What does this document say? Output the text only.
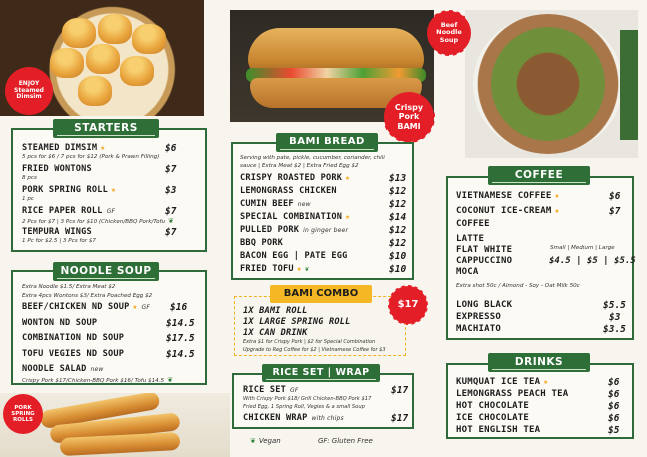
ENJOY
Steamed
Dimsim
Crispy
Pork
BAMI
Beef
Noodle
Soup
PORK
SPRING
ROLLS
STARTERS
STEAMED DIMSIM ★	$6
5 pcs for $6 / 7 pcs for $12 (Pork & Prawn Filling)
FRIED WONTONS	$7
8 pcs
PORK SPRING ROLL ★	$3
1 pc
RICE PAPER ROLL GF	$7
2 Pcs for $7 | 3 Pcs for $10 (Chicken/BBQ Pork/Tofu ❦
TEMPURA WINGS	$7
1 Pc for $2.5 | 3 Pcs for $7
NOODLE SOUP
Extra Noodle $1.5/ Extra Meat $2
Extra 4pcs Wontons $3/ Extra Poached Egg $2
BEEF/CHICKEN ND SOUP ★ GF $16
WONTON ND SOUP	$14.5
COMBINATION ND SOUP	$17.5
TOFU VEGIES ND SOUP	$14.5
NOODLE SALAD new
Crispy Pork $17/Chicken-BBQ Pork $16/ Tofu $14.5 ❦
BAMI BREAD
Serving with pate, pickle, cucumber, coriander, chili
sauce | Extra Meat $2 | Extra Fried Egg $2
CRISPY ROASTED PORK ★	$13
LEMONGRASS CHICKEN	$12
CUMIN BEEF new	$12
SPECIAL COMBINATION ★	$14
PULLED PORK in ginger beer	$12
BBQ PORK	$12
BACON EGG | PATE EGG	$10
FRIED TOFU ★ ❦	$10
BAMI COMBO
$17
1X BAMI ROLL
1X LARGE SPRING ROLL
1X CAN DRINK
Extra $1 for Crispy Pork | $2 for Special Combination
Upgrade to Reg Coffee for $2 | Vietnamese Coffee for $3
RICE SET | WRAP
RICE SET GF	$17
With Crispy Pork $18/ Grill Chicken-BBQ Pork $17
Fried Egg, 1 Spring Roll, Vegies & a small Soup
CHICKEN WRAP with chips	$17
❦ Vegan	GF: Gluten Free
COFFEE
VIETNAMESE COFFEE ★	$6
COCONUT ICE-CREAM ★	$7
COFFEE
LATTE
FLAT WHITE
CAPPUCCINO
MOCA
Small | Medium | Large
$4.5 | $5 | $5.5
Extra shot 50c / Almond - Soy - Oat Milk 50c
LONG BLACK	$5.5
EXPRESSO	$3
MACHIATO	$3.5
DRINKS
KUMQUAT ICE TEA ★	$6
LEMONGRASS PEACH TEA	$6
HOT CHOCOLATE	$6
ICE CHOCOLATE	$6
HOT ENGLISH TEA	$5
